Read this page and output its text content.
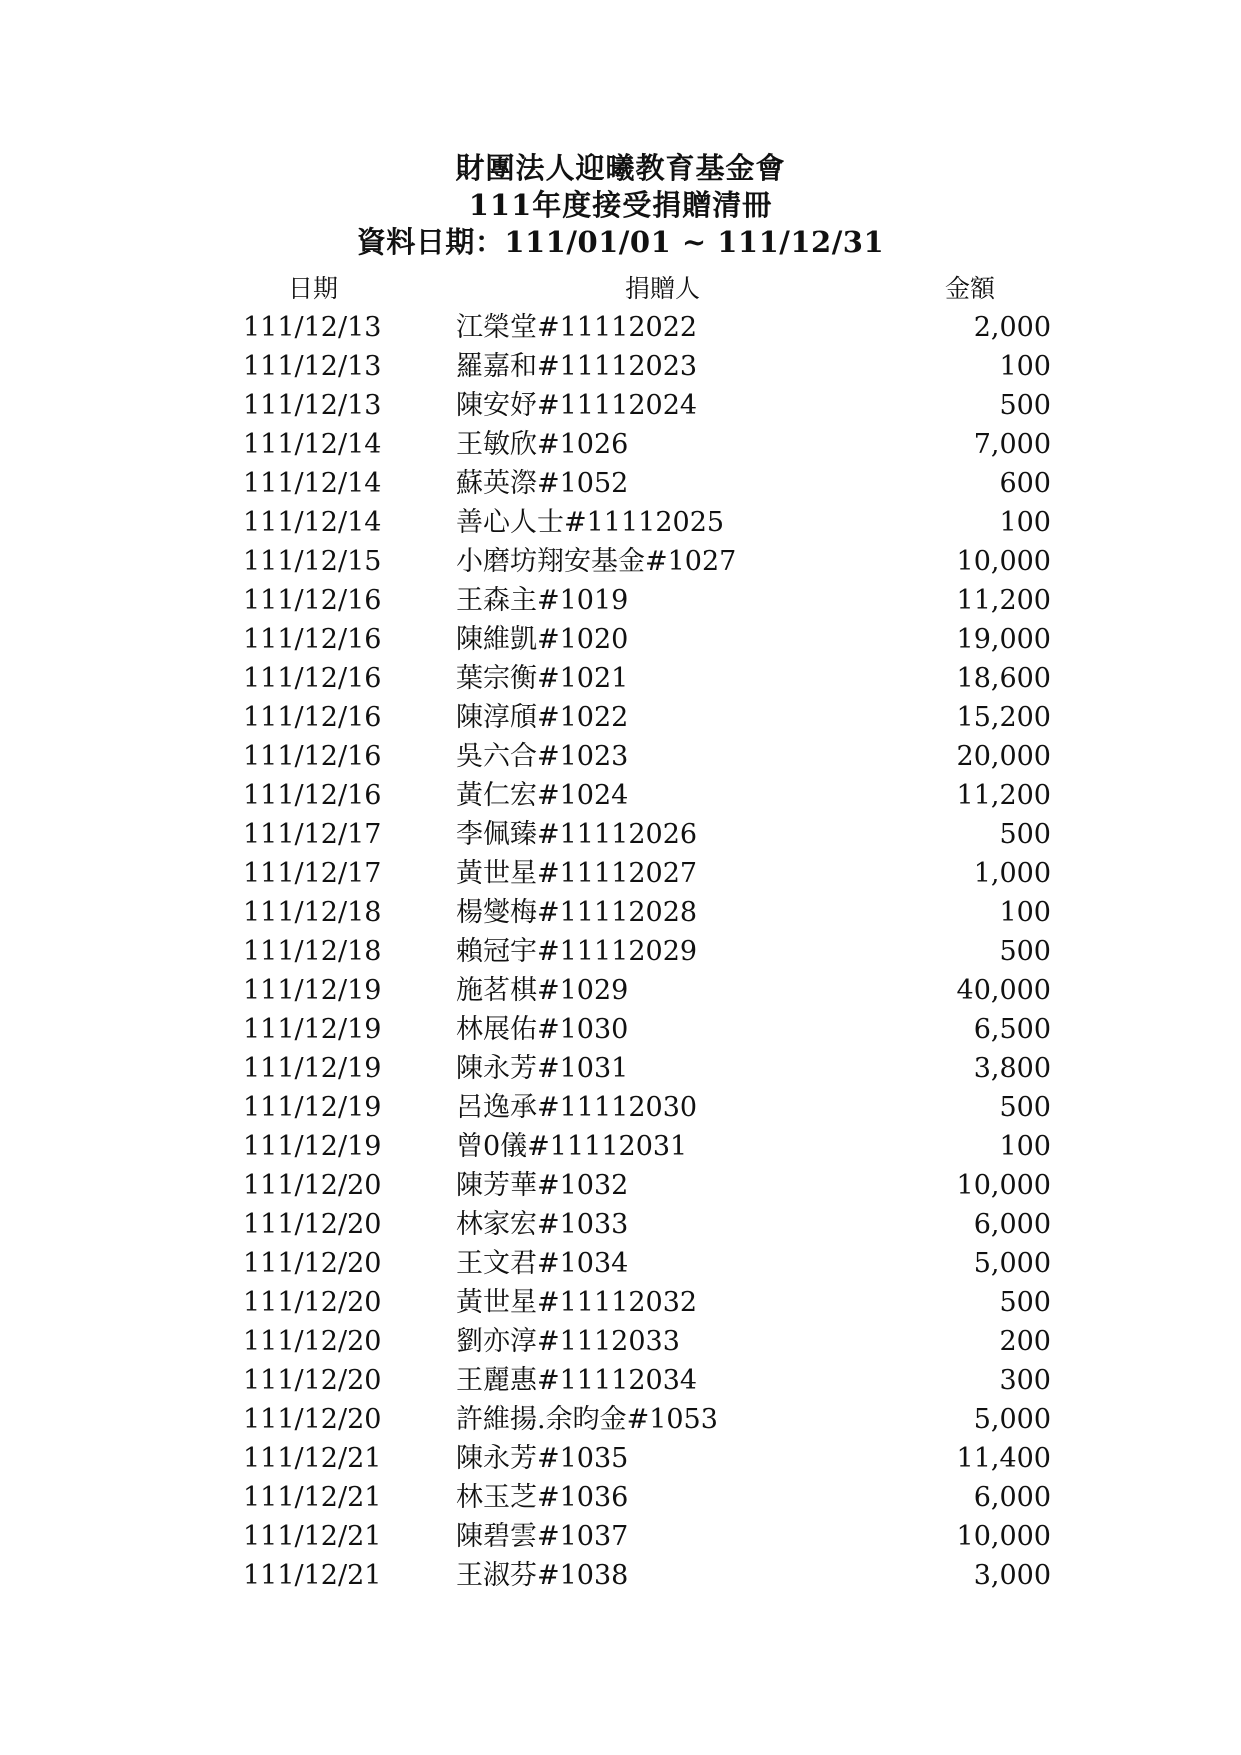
財團法人迎曦教育基金會
111年度接受捐贈清冊
資料日期：111/01/01 ~ 111/12/31
日期	捐贈人	金額
111/12/13	江榮堂#11112022	2,000
111/12/13	羅嘉和#11112023	100
111/12/13	陳安妤#11112024	500
111/12/14	王敏欣#1026	7,000
111/12/14	蘇英漈#1052	600
111/12/14	善心人士#11112025	100
111/12/15	小磨坊翔安基金#1027	10,000
111/12/16	王森主#1019	11,200
111/12/16	陳維凱#1020	19,000
111/12/16	葉宗衡#1021	18,600
111/12/16	陳淳頎#1022	15,200
111/12/16	吳六合#1023	20,000
111/12/16	黃仁宏#1024	11,200
111/12/17	李佩臻#11112026	500
111/12/17	黃世星#11112027	1,000
111/12/18	楊燮梅#11112028	100
111/12/18	賴冠宇#11112029	500
111/12/19	施茗棋#1029	40,000
111/12/19	林展佑#1030	6,500
111/12/19	陳永芳#1031	3,800
111/12/19	呂逸承#11112030	500
111/12/19	曾0儀#11112031	100
111/12/20	陳芳華#1032	10,000
111/12/20	林家宏#1033	6,000
111/12/20	王文君#1034	5,000
111/12/20	黃世星#11112032	500
111/12/20	劉亦淳#1112033	200
111/12/20	王麗惠#11112034	300
111/12/20	許維揚.余昀金#1053	5,000
111/12/21	陳永芳#1035	11,400
111/12/21	林玉芝#1036	6,000
111/12/21	陳碧雲#1037	10,000
111/12/21	王淑芬#1038	3,000
